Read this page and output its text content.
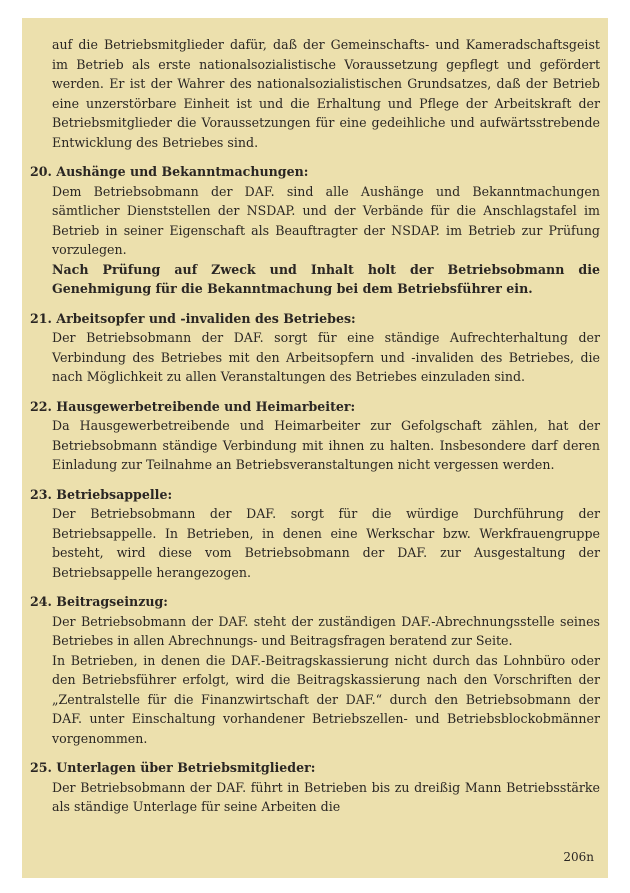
auf die Betriebsmitglieder dafür, daß der Gemeinschafts- und Kameradschaftsgeist im Betrieb als erste nationalsozialistische Voraussetzung gepflegt und gefördert werden. Er ist der Wahrer des nationalsozialistischen Grundsatzes, daß der Betrieb eine unzerstörbare Einheit ist und die Erhaltung und Pflege der Arbeitskraft der Betriebsmitglieder die Voraussetzungen für eine gedeihliche und aufwärtsstrebende Entwicklung des Betriebes sind.

20. Aushänge und Bekanntmachungen:

Dem Betriebsobmann der DAF. sind alle Aushänge und Bekanntmachungen sämtlicher Dienststellen der NSDAP. und der Verbände für die Anschlagstafel im Betrieb in seiner Eigenschaft als Beauftragter der NSDAP. im Betrieb zur Prüfung vorzulegen.

Nach Prüfung auf Zweck und Inhalt holt der Betriebsobmann die Genehmigung für die Bekanntmachung bei dem Betriebsführer ein.

21. Arbeitsopfer und -invaliden des Betriebes:

Der Betriebsobmann der DAF. sorgt für eine ständige Aufrechterhaltung der Verbindung des Betriebes mit den Arbeitsopfern und -invaliden des Betriebes, die nach Möglichkeit zu allen Veranstaltungen des Betriebes einzuladen sind.

22. Hausgewerbetreibende und Heimarbeiter:

Da Hausgewerbetreibende und Heimarbeiter zur Gefolgschaft zählen, hat der Betriebsobmann ständige Verbindung mit ihnen zu halten. Insbesondere darf deren Einladung zur Teilnahme an Betriebsveranstaltungen nicht vergessen werden.

23. Betriebsappelle:

Der Betriebsobmann der DAF. sorgt für die würdige Durchführung der Betriebsappelle. In Betrieben, in denen eine Werkschar bzw. Werkfrauengruppe besteht, wird diese vom Betriebsobmann der DAF. zur Ausgestaltung der Betriebsappelle herangezogen.

24. Beitragseinzug:

Der Betriebsobmann der DAF. steht der zuständigen DAF.-Abrechnungsstelle seines Betriebes in allen Abrechnungs- und Beitragsfragen beratend zur Seite.

In Betrieben, in denen die DAF.-Beitragskassierung nicht durch das Lohnbüro oder den Betriebsführer erfolgt, wird die Beitragskassierung nach den Vorschriften der „Zentralstelle für die Finanzwirtschaft der DAF.“ durch den Betriebsobmann der DAF. unter Einschaltung vorhandener Betriebszellen- und Betriebsblockobmänner vorgenommen.

25. Unterlagen über Betriebsmitglieder:

Der Betriebsobmann der DAF. führt in Betrieben bis zu dreißig Mann Betriebsstärke als ständige Unterlage für seine Arbeiten die

206n
